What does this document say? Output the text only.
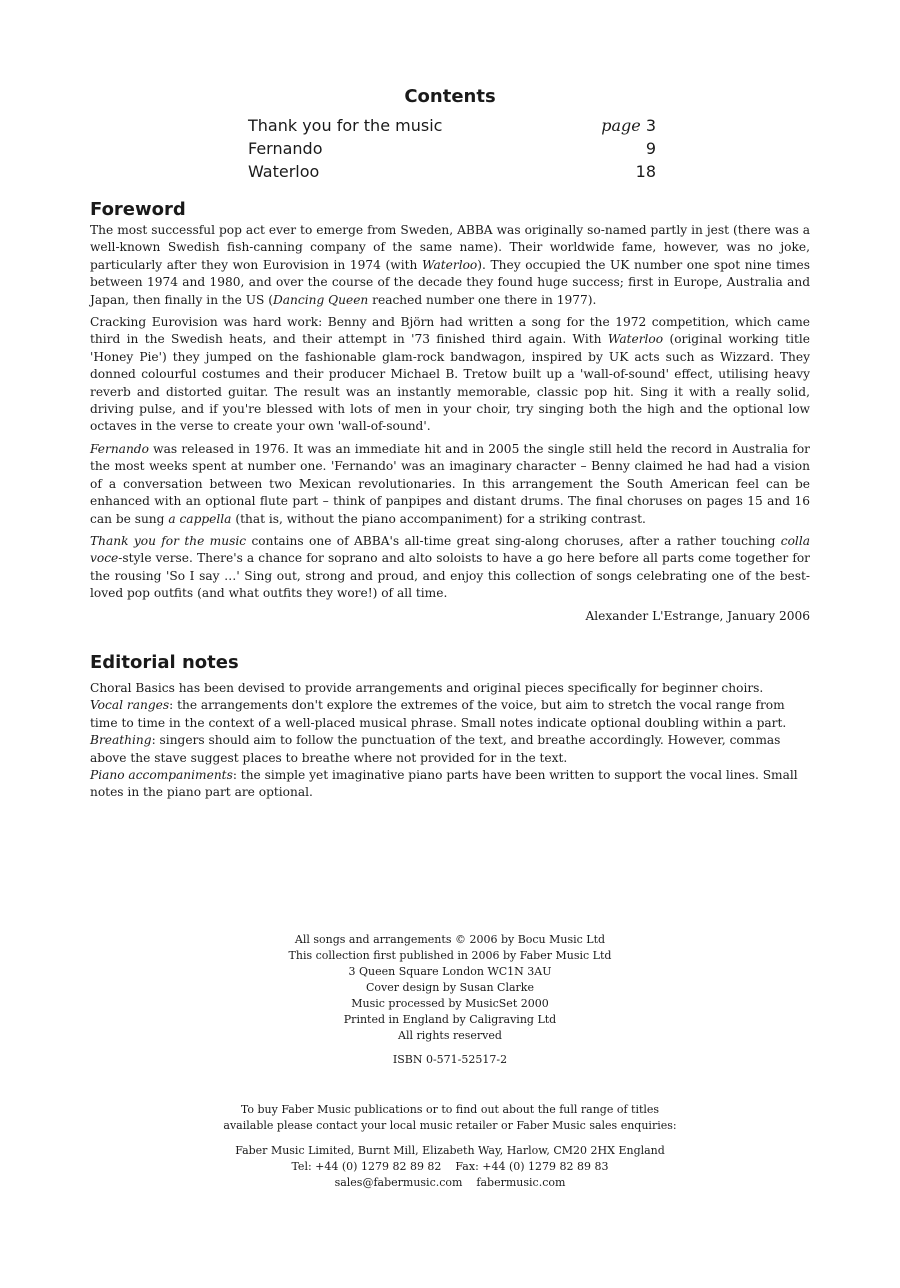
Contents
Thank you for the music	page 3
Fernando	9
Waterloo	18
Foreword

The most successful pop act ever to emerge from Sweden, ABBA was originally so-named partly in jest (there was a well-known Swedish fish-canning company of the same name). Their worldwide fame, however, was no joke, particularly after they won Eurovision in 1974 (with Waterloo). They occupied the UK number one spot nine times between 1974 and 1980, and over the course of the decade they found huge success; first in Europe, Australia and Japan, then finally in the US (Dancing Queen reached number one there in 1977).

Cracking Eurovision was hard work: Benny and Björn had written a song for the 1972 competition, which came third in the Swedish heats, and their attempt in '73 finished third again. With Waterloo (original working title 'Honey Pie') they jumped on the fashionable glam-rock bandwagon, inspired by UK acts such as Wizzard. They donned colourful costumes and their producer Michael B. Tretow built up a 'wall-of-sound' effect, utilising heavy reverb and distorted guitar. The result was an instantly memorable, classic pop hit. Sing it with a really solid, driving pulse, and if you're blessed with lots of men in your choir, try singing both the high and the optional low octaves in the verse to create your own 'wall-of-sound'.

Fernando was released in 1976. It was an immediate hit and in 2005 the single still held the record in Australia for the most weeks spent at number one. 'Fernando' was an imaginary character – Benny claimed he had had a vision of a conversation between two Mexican revolutionaries. In this arrangement the South American feel can be enhanced with an optional flute part – think of panpipes and distant drums. The final choruses on pages 15 and 16 can be sung a cappella (that is, without the piano accompaniment) for a striking contrast.

Thank you for the music contains one of ABBA's all-time great sing-along choruses, after a rather touching colla voce-style verse. There's a chance for soprano and alto soloists to have a go here before all parts come together for the rousing 'So I say …' Sing out, strong and proud, and enjoy this collection of songs celebrating one of the best-loved pop outfits (and what outfits they wore!) of all time.

Alexander L'Estrange, January 2006
Editorial notes

Choral Basics has been devised to provide arrangements and original pieces specifically for beginner choirs.

Vocal ranges: the arrangements don't explore the extremes of the voice, but aim to stretch the vocal range from time to time in the context of a well-placed musical phrase. Small notes indicate optional doubling within a part.

Breathing: singers should aim to follow the punctuation of the text, and breathe accordingly. However, commas above the stave suggest places to breathe where not provided for in the text.

Piano accompaniments: the simple yet imaginative piano parts have been written to support the vocal lines. Small notes in the piano part are optional.

All songs and arrangements © 2006 by Bocu Music Ltd
This collection first published in 2006 by Faber Music Ltd
3 Queen Square London WC1N 3AU
Cover design by Susan Clarke
Music processed by MusicSet 2000
Printed in England by Caligraving Ltd
All rights reserved
ISBN 0-571-52517-2
To buy Faber Music publications or to find out about the full range of titles
available please contact your local music retailer or Faber Music sales enquiries:
Faber Music Limited, Burnt Mill, Elizabeth Way, Harlow, CM20 2HX England
Tel: +44 (0) 1279 82 89 82    Fax: +44 (0) 1279 82 89 83
sales@fabermusic.com    fabermusic.com
